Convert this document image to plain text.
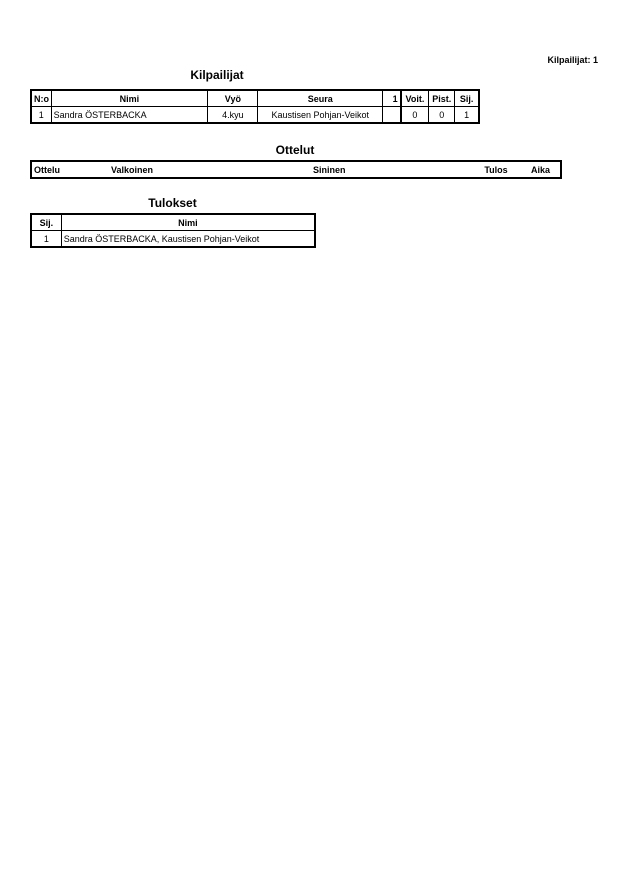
Kilpailijat: 1
Kilpailijat
N:o	Nimi	Vyö	Seura	1	Voit.	Pist.	Sij.
1	Sandra ÖSTERBACKA	4.kyu	Kaustisen Pohjan-Veikot		0	0	1
Ottelut
Ottelu	Valkoinen	Sininen	Tulos	Aika
Tulokset
Sij.	Nimi
1	Sandra ÖSTERBACKA, Kaustisen Pohjan-Veikot
